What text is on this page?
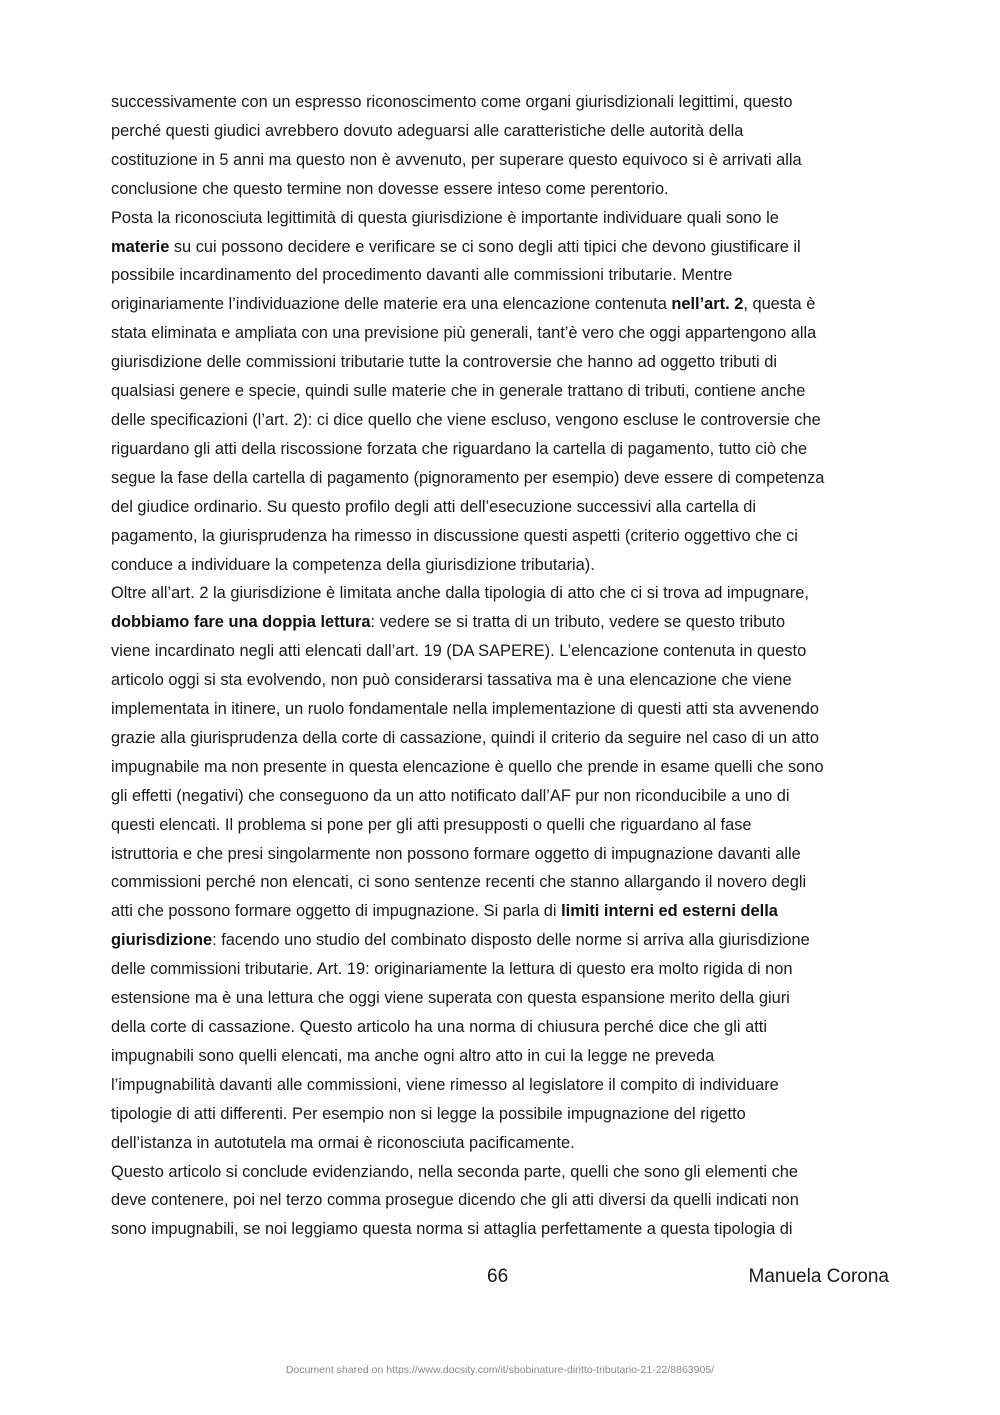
successivamente con un espresso riconoscimento come organi giurisdizionali legittimi, questo
perché questi giudici avrebbero dovuto adeguarsi alle caratteristiche delle autorità della
costituzione in 5 anni ma questo non è avvenuto, per superare questo equivoco si è arrivati alla
conclusione che questo termine non dovesse essere inteso come perentorio.
Posta la riconosciuta legittimità di questa giurisdizione è importante individuare quali sono le
materie su cui possono decidere e verificare se ci sono degli atti tipici che devono giustificare il
possibile incardinamento del procedimento davanti alle commissioni tributarie. Mentre
originariamente l’individuazione delle materie era una elencazione contenuta nell’art. 2, questa è
stata eliminata e ampliata con una previsione più generali, tant’è vero che oggi appartengono alla
giurisdizione delle commissioni tributarie tutte la controversie che hanno ad oggetto tributi di
qualsiasi genere e specie, quindi sulle materie che in generale trattano di tributi, contiene anche
delle specificazioni (l’art. 2): ci dice quello che viene escluso, vengono escluse le controversie che
riguardano gli atti della riscossione forzata che riguardano la cartella di pagamento, tutto ciò che
segue la fase della cartella di pagamento (pignoramento per esempio) deve essere di competenza
del giudice ordinario. Su questo profilo degli atti dell’esecuzione successivi alla cartella di
pagamento, la giurisprudenza ha rimesso in discussione questi aspetti (criterio oggettivo che ci
conduce a individuare la competenza della giurisdizione tributaria).
Oltre all’art. 2 la giurisdizione è limitata anche dalla tipologia di atto che ci si trova ad impugnare,
dobbiamo fare una doppia lettura: vedere se si tratta di un tributo, vedere se questo tributo
viene incardinato negli atti elencati dall’art. 19 (DA SAPERE). L’elencazione contenuta in questo
articolo oggi si sta evolvendo, non può considerarsi tassativa ma è una elencazione che viene
implementata in itinere, un ruolo fondamentale nella implementazione di questi atti sta avvenendo
grazie alla giurisprudenza della corte di cassazione, quindi il criterio da seguire nel caso di un atto
impugnabile ma non presente in questa elencazione è quello che prende in esame quelli che sono
gli effetti (negativi) che conseguono da un atto notificato dall’AF pur non riconducibile a uno di
questi elencati. Il problema si pone per gli atti presupposti o quelli che riguardano al fase
istruttoria e che presi singolarmente non possono formare oggetto di impugnazione davanti alle
commissioni perché non elencati, ci sono sentenze recenti che stanno allargando il novero degli
atti che possono formare oggetto di impugnazione. Si parla di limiti interni ed esterni della
giurisdizione: facendo uno studio del combinato disposto delle norme si arriva alla giurisdizione
delle commissioni tributarie. Art. 19: originariamente la lettura di questo era molto rigida di non
estensione ma è una lettura che oggi viene superata con questa espansione merito della giuri
della corte di cassazione. Questo articolo ha una norma di chiusura perché dice che gli atti
impugnabili sono quelli elencati, ma anche ogni altro atto in cui la legge ne preveda
l’impugnabilità davanti alle commissioni, viene rimesso al legislatore il compito di individuare
tipologie di atti differenti. Per esempio non si legge la possibile impugnazione del rigetto
dell’istanza in autotutela ma ormai è riconosciuta pacificamente.
Questo articolo si conclude evidenziando, nella seconda parte, quelli che sono gli elementi che
deve contenere, poi nel terzo comma prosegue dicendo che gli atti diversi da quelli indicati non
sono impugnabili, se noi leggiamo questa norma si attaglia perfettamente a questa tipologia di
66	Manuela Corona
Document shared on https://www.docsity.com/it/sbobinature-diritto-tributario-21-22/8863905/
